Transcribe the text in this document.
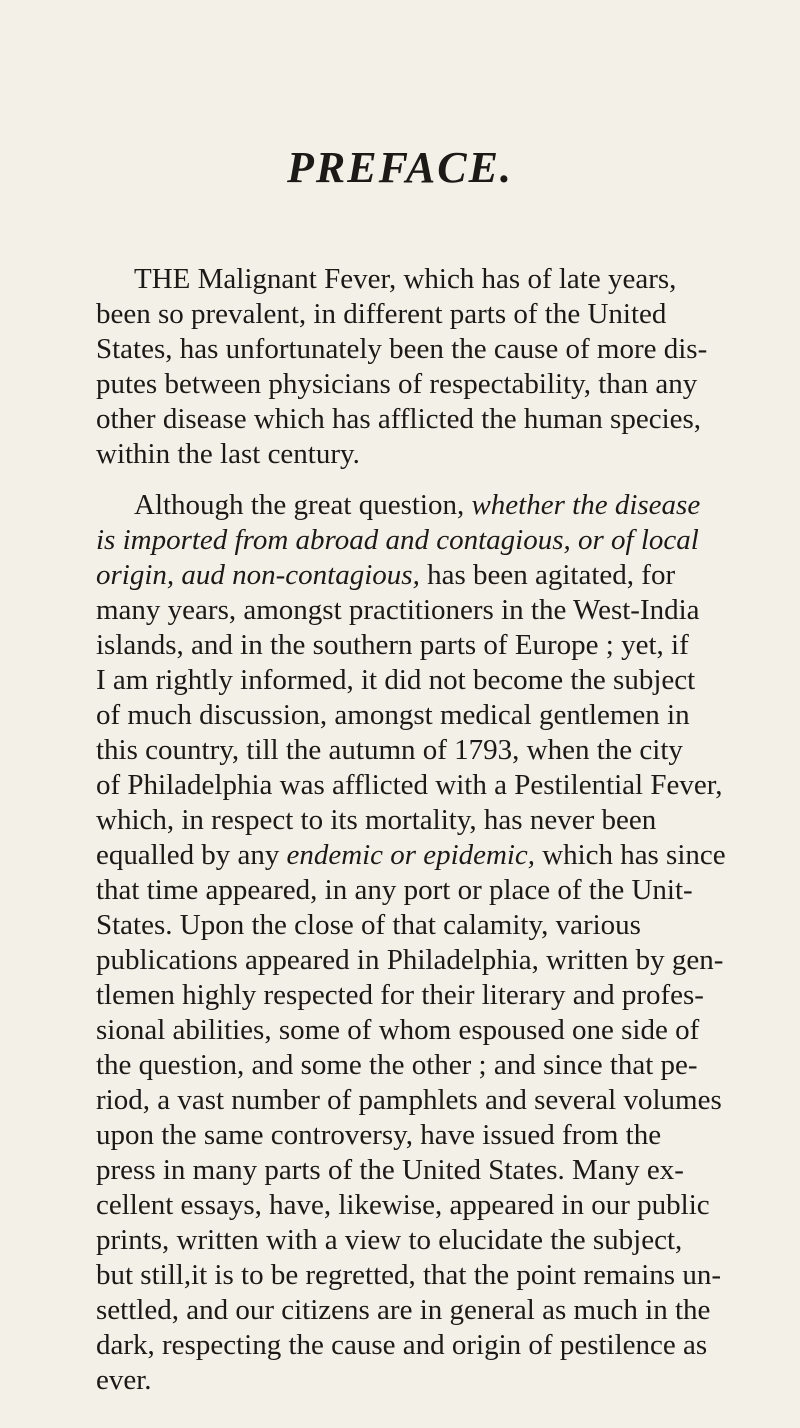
PREFACE.

THE Malignant Fever, which has of late years,

been so prevalent, in different parts of the United

States, has unfortunately been the cause of more dis-

putes between physicians of respectability, than any

other disease which has afflicted the human species,

within the last century.

Although the great question, whether the disease

is imported from abroad and contagious, or of local

origin, aud non-contagious, has been agitated, for

many years, amongst practitioners in the West-India

islands, and in the southern parts of Europe ; yet, if

I am rightly informed, it did not become the subject

of much discussion, amongst medical gentlemen in

this country, till the autumn of 1793, when the city

of Philadelphia was afflicted with a Pestilential Fever,

which, in respect to its mortality, has never been

equalled by any endemic or epidemic, which has since

that time appeared, in any port or place of the Unit-

States. Upon the close of that calamity, various

publications appeared in Philadelphia, written by gen-

tlemen highly respected for their literary and profes-

sional abilities, some of whom espoused one side of

the question, and some the other ; and since that pe-

riod, a vast number of pamphlets and several volumes

upon the same controversy, have issued from the

press in many parts of the United States. Many ex-

cellent essays, have, likewise, appeared in our public

prints, written with a view to elucidate the subject,

but still,it is to be regretted, that the point remains un-

settled, and our citizens are in general as much in the

dark, respecting the cause and origin of pestilence as

ever.
